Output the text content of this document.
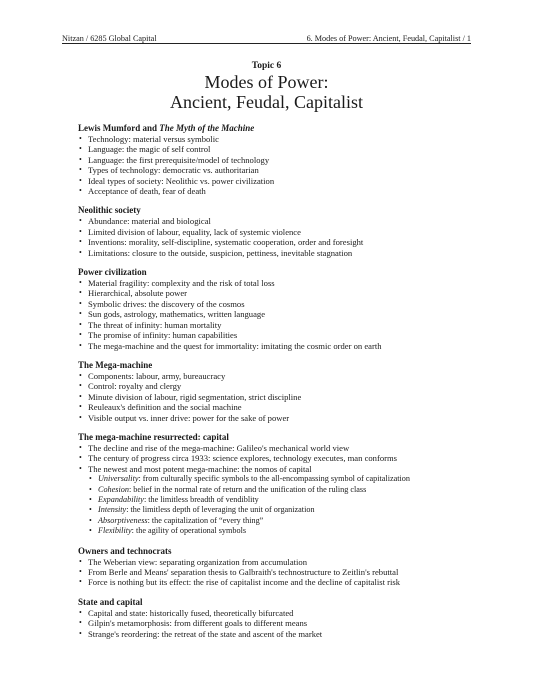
Nitzan / 6285 Global Capital	6. Modes of Power: Ancient, Feudal, Capitalist / 1
Topic 6
Modes of Power:
Ancient, Feudal, Capitalist
Lewis Mumford and The Myth of the Machine
• Technology: material versus symbolic
• Language: the magic of self control
• Language: the first prerequisite/model of technology
• Types of technology: democratic vs. authoritarian
• Ideal types of society: Neolithic vs. power civilization
• Acceptance of death, fear of death
Neolithic society
• Abundance: material and biological
• Limited division of labour, equality, lack of systemic violence
• Inventions: morality, self-discipline, systematic cooperation, order and foresight
• Limitations: closure to the outside, suspicion, pettiness, inevitable stagnation
Power civilization
• Material fragility: complexity and the risk of total loss
• Hierarchical, absolute power
• Symbolic drives: the discovery of the cosmos
• Sun gods, astrology, mathematics, written language
• The threat of infinity: human mortality
• The promise of infinity: human capabilities
• The mega-machine and the quest for immortality: imitating the cosmic order on earth
The Mega-machine
• Components: labour, army, bureaucracy
• Control: royalty and clergy
• Minute division of labour, rigid segmentation, strict discipline
• Reuleaux's definition and the social machine
• Visible output vs. inner drive: power for the sake of power
The mega-machine resurrected: capital
• The decline and rise of the mega-machine: Galileo's mechanical world view
• The century of progress circa 1933: science explores, technology executes, man conforms
• The newest and most potent mega-machine: the nomos of capital
• Universality: from culturally specific symbols to the all-encompassing symbol of capitalization
• Cohesion: belief in the normal rate of return and the unification of the ruling class
• Expandability: the limitless breadth of vendiblity
• Intensity: the limitless depth of leveraging the unit of organization
• Absorptiveness: the capitalization of “every thing”
• Flexibility: the agility of operational symbols
Owners and technocrats
• The Weberian view: separating organization from accumulation
• From Berle and Means' separation thesis to Galbraith's technostructure to Zeitlin's rebuttal
• Force is nothing but its effect: the rise of capitalist income and the decline of capitalist risk
State and capital
• Capital and state: historically fused, theoretically bifurcated
• Gilpin's metamorphosis: from different goals to different means
• Strange's reordering: the retreat of the state and ascent of the market
